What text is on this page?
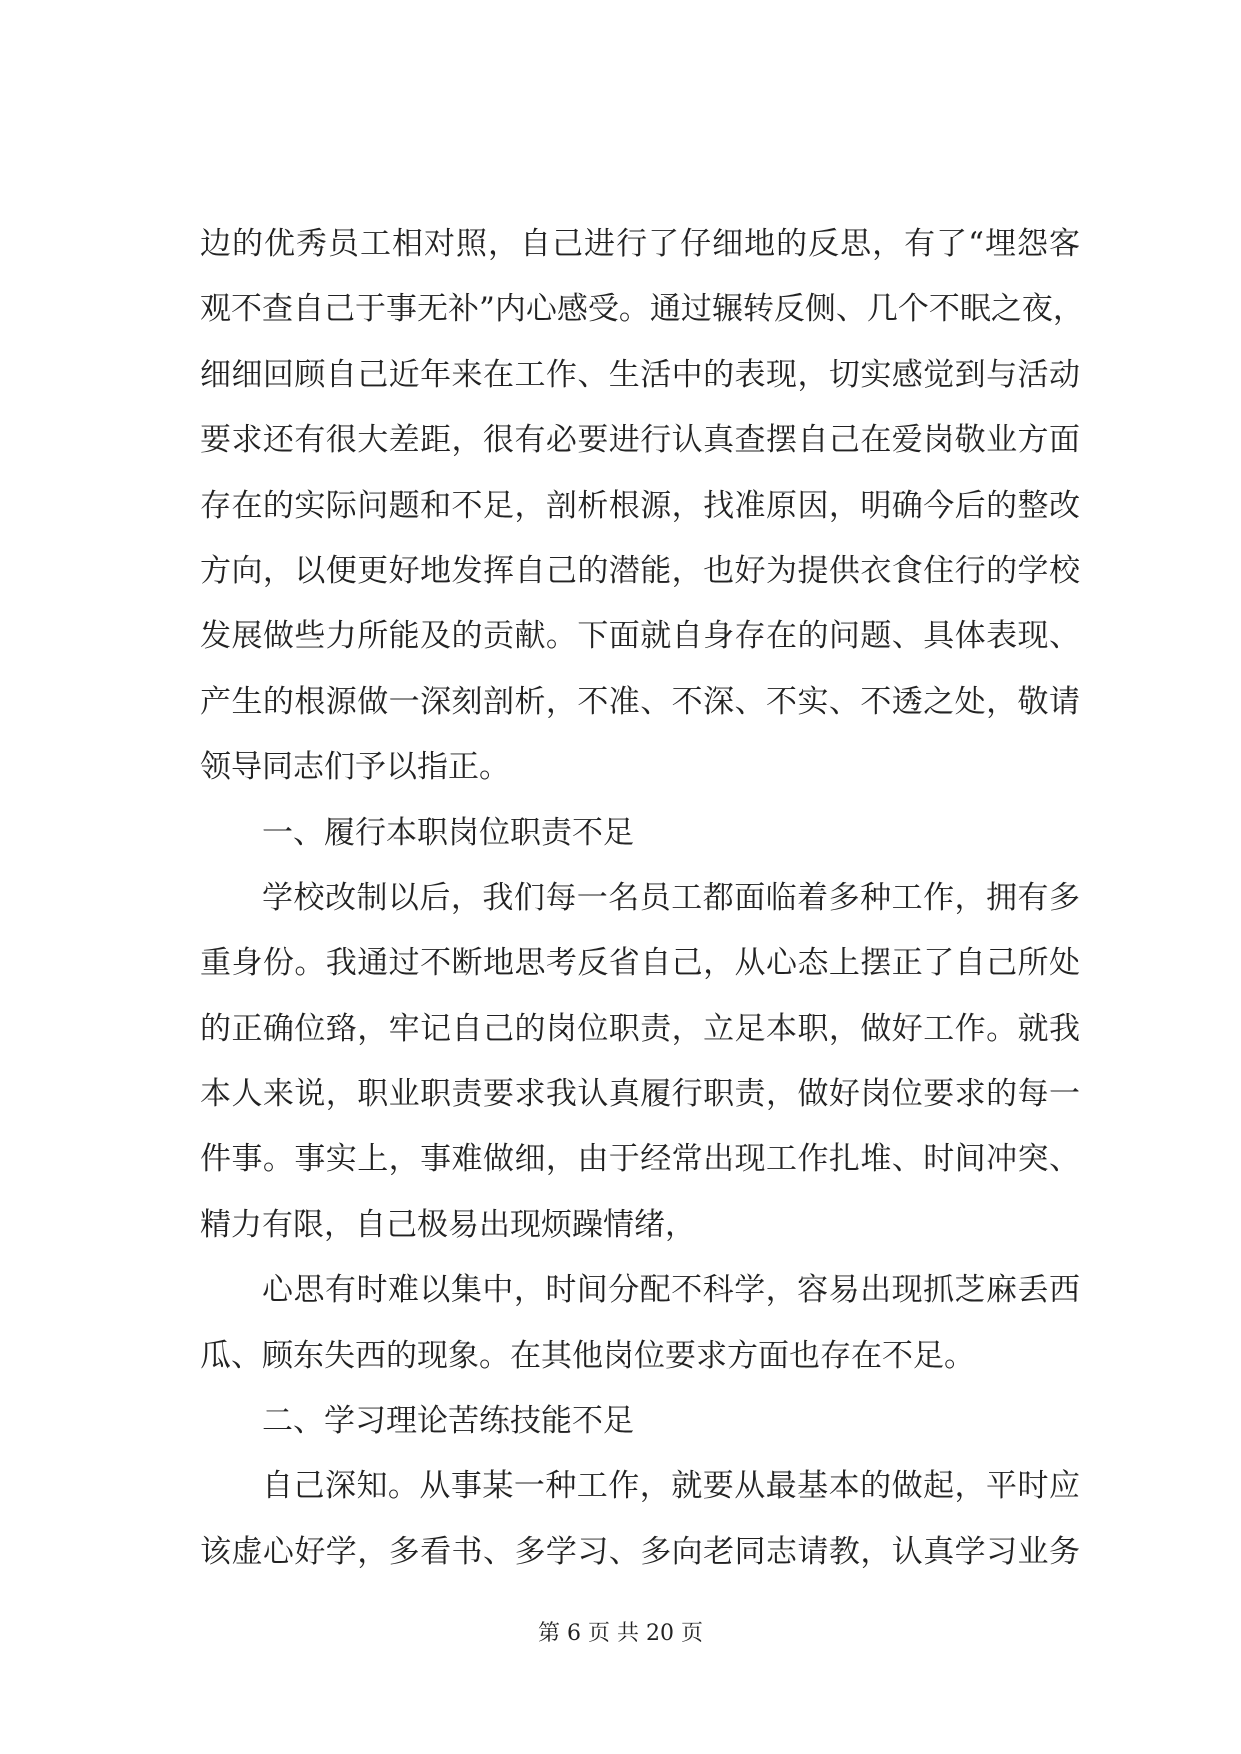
边的优秀员工相对照，自己进行了仔细地的反思，有了“埋怨客
观不查自己于事无补”内心感受。通过辗转反侧、几个不眠之夜，
细细回顾自己近年来在工作、生活中的表现，切实感觉到与活动
要求还有很大差距，很有必要进行认真查摆自己在爱岗敬业方面
存在的实际问题和不足，剖析根源，找准原因，明确今后的整改
方向，以便更好地发挥自己的潜能，也好为提供衣食住行的学校
发展做些力所能及的贡献。下面就自身存在的问题、具体表现、
产生的根源做一深刻剖析，不准、不深、不实、不透之处，敬请
领导同志们予以指正。
一、履行本职岗位职责不足
学校改制以后，我们每一名员工都面临着多种工作，拥有多
重身份。我通过不断地思考反省自己，从心态上摆正了自己所处
的正确位臵，牢记自己的岗位职责，立足本职，做好工作。就我
本人来说，职业职责要求我认真履行职责，做好岗位要求的每一
件事。事实上，事难做细，由于经常出现工作扎堆、时间冲突、
精力有限，自己极易出现烦躁情绪，
心思有时难以集中，时间分配不科学，容易出现抓芝麻丢西
瓜、顾东失西的现象。在其他岗位要求方面也存在不足。
二、学习理论苦练技能不足
自己深知。从事某一种工作，就要从最基本的做起，平时应
该虚心好学，多看书、多学习、多向老同志请教，认真学习业务
第 6 页 共 20 页
